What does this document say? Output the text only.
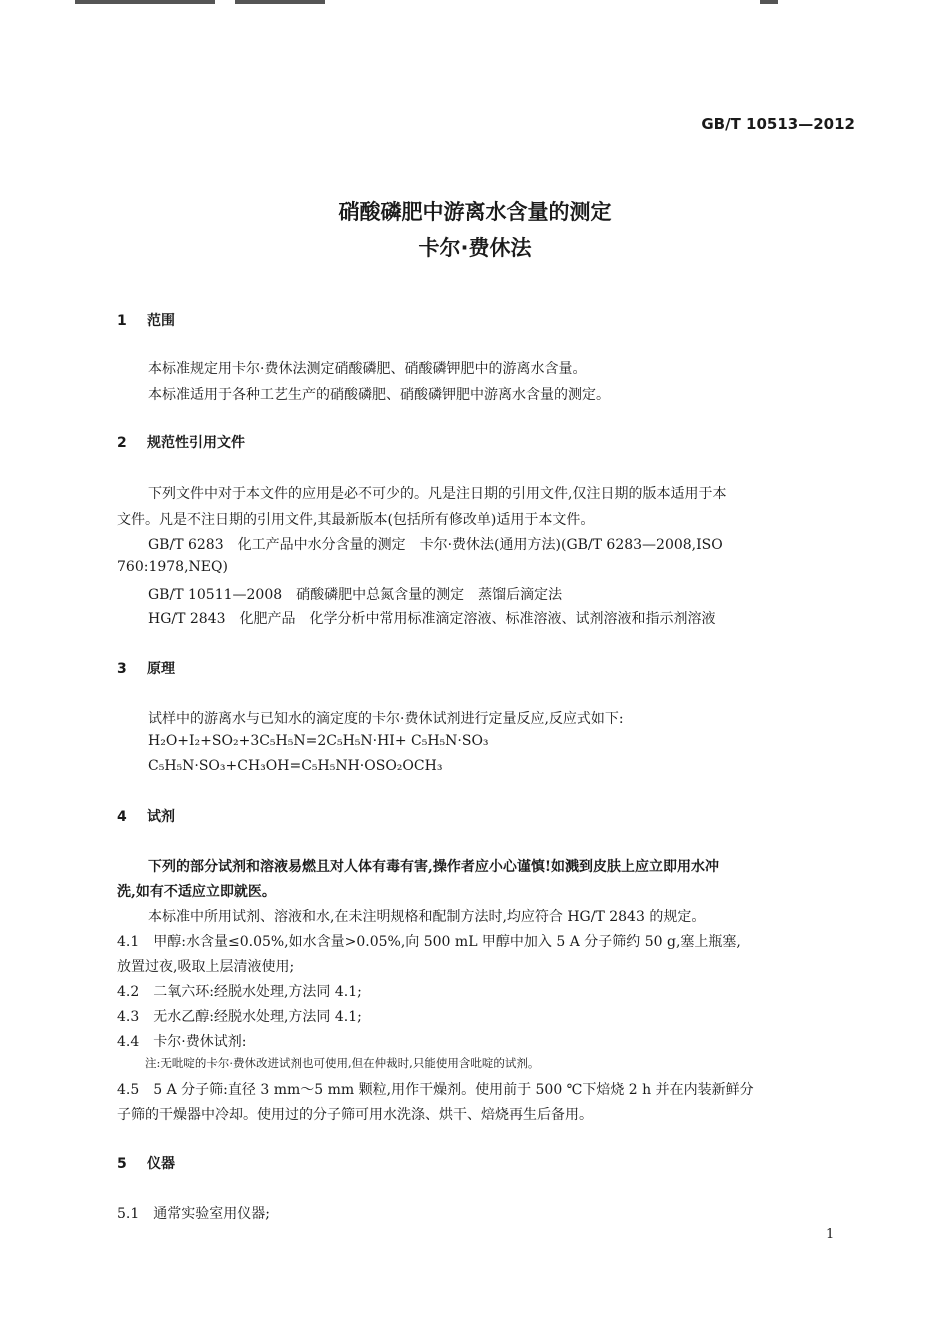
GB/T 10513—2012
硝酸磷肥中游离水含量的测定
卡尔·费休法
1 范围
本标准规定用卡尔·费休法测定硝酸磷肥、硝酸磷钾肥中的游离水含量。
本标准适用于各种工艺生产的硝酸磷肥、硝酸磷钾肥中游离水含量的测定。
2 规范性引用文件
下列文件中对于本文件的应用是必不可少的。凡是注日期的引用文件,仅注日期的版本适用于本
文件。凡是不注日期的引用文件,其最新版本(包括所有修改单)适用于本文件。
GB/T 6283　化工产品中水分含量的测定　卡尔·费休法(通用方法)(GB/T 6283—2008,ISO
760:1978,NEQ)
GB/T 10511—2008　硝酸磷肥中总氮含量的测定　蒸馏后滴定法
HG/T 2843　化肥产品　化学分析中常用标准滴定溶液、标准溶液、试剂溶液和指示剂溶液
3 原理
试样中的游离水与已知水的滴定度的卡尔·费休试剂进行定量反应,反应式如下:
H₂O+I₂+SO₂+3C₅H₅N=2C₅H₅N·HI+ C₅H₅N·SO₃
C₅H₅N·SO₃+CH₃OH=C₅H₅NH·OSO₂OCH₃
4 试剂
下列的部分试剂和溶液易燃且对人体有毒有害,操作者应小心谨慎!如溅到皮肤上应立即用水冲
洗,如有不适应立即就医。
本标准中所用试剂、溶液和水,在未注明规格和配制方法时,均应符合 HG/T 2843 的规定。
4.1　甲醇:水含量≤0.05%,如水含量>0.05%,向 500 mL 甲醇中加入 5 A 分子筛约 50 g,塞上瓶塞,
放置过夜,吸取上层清液使用;
4.2　二氧六环:经脱水处理,方法同 4.1;
4.3　无水乙醇:经脱水处理,方法同 4.1;
4.4　卡尔·费休试剂:
注:无吡啶的卡尔·费休改进试剂也可使用,但在仲裁时,只能使用含吡啶的试剂。
4.5　5 A 分子筛:直径 3 mm～5 mm 颗粒,用作干燥剂。使用前于 500 ℃下焙烧 2 h 并在内装新鲜分
子筛的干燥器中冷却。使用过的分子筛可用水洗涤、烘干、焙烧再生后备用。
5 仪器
5.1　通常实验室用仪器;
1
